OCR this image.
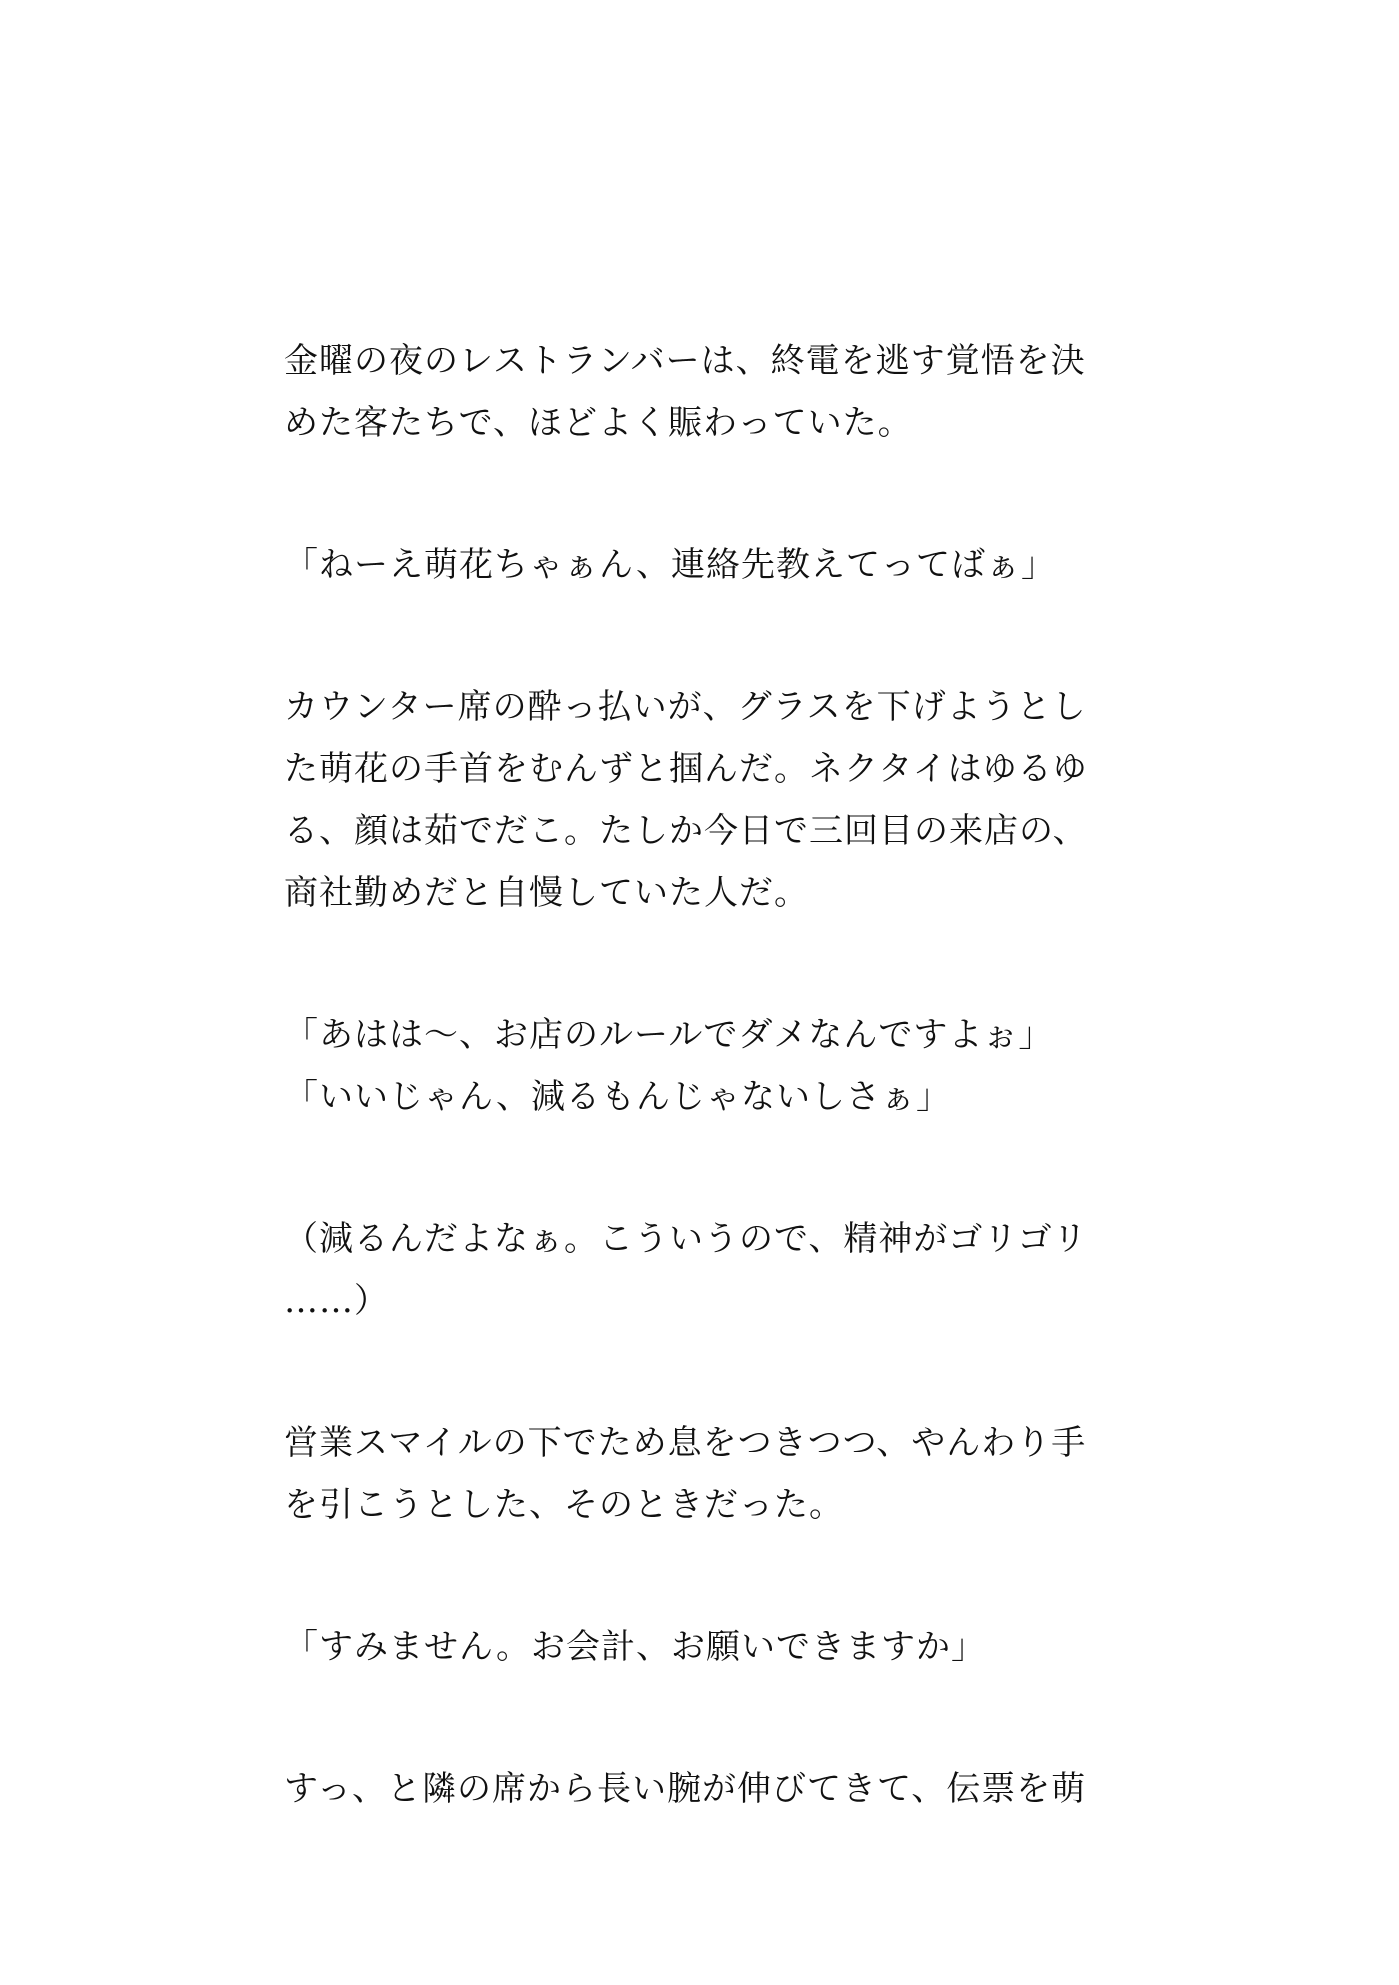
金曜の夜のレストランバーは、終電を逃す覚悟を決
めた客たちで、ほどよく賑わっていた。
「ねーえ萌花ちゃぁん、連絡先教えてってばぁ」
カウンター席の酔っ払いが、グラスを下げようとし
た萌花の手首をむんずと掴んだ。ネクタイはゆるゆ
る、顔は茹でだこ。たしか今日で三回目の来店の、
商社勤めだと自慢していた人だ。
「あはは〜、お店のルールでダメなんですよぉ」
「いいじゃん、減るもんじゃないしさぁ」
（減るんだよなぁ。こういうので、精神がゴリゴリ
……）
営業スマイルの下でため息をつきつつ、やんわり手
を引こうとした、そのときだった。
「すみません。お会計、お願いできますか」
すっ、と隣の席から長い腕が伸びてきて、伝票を萌
